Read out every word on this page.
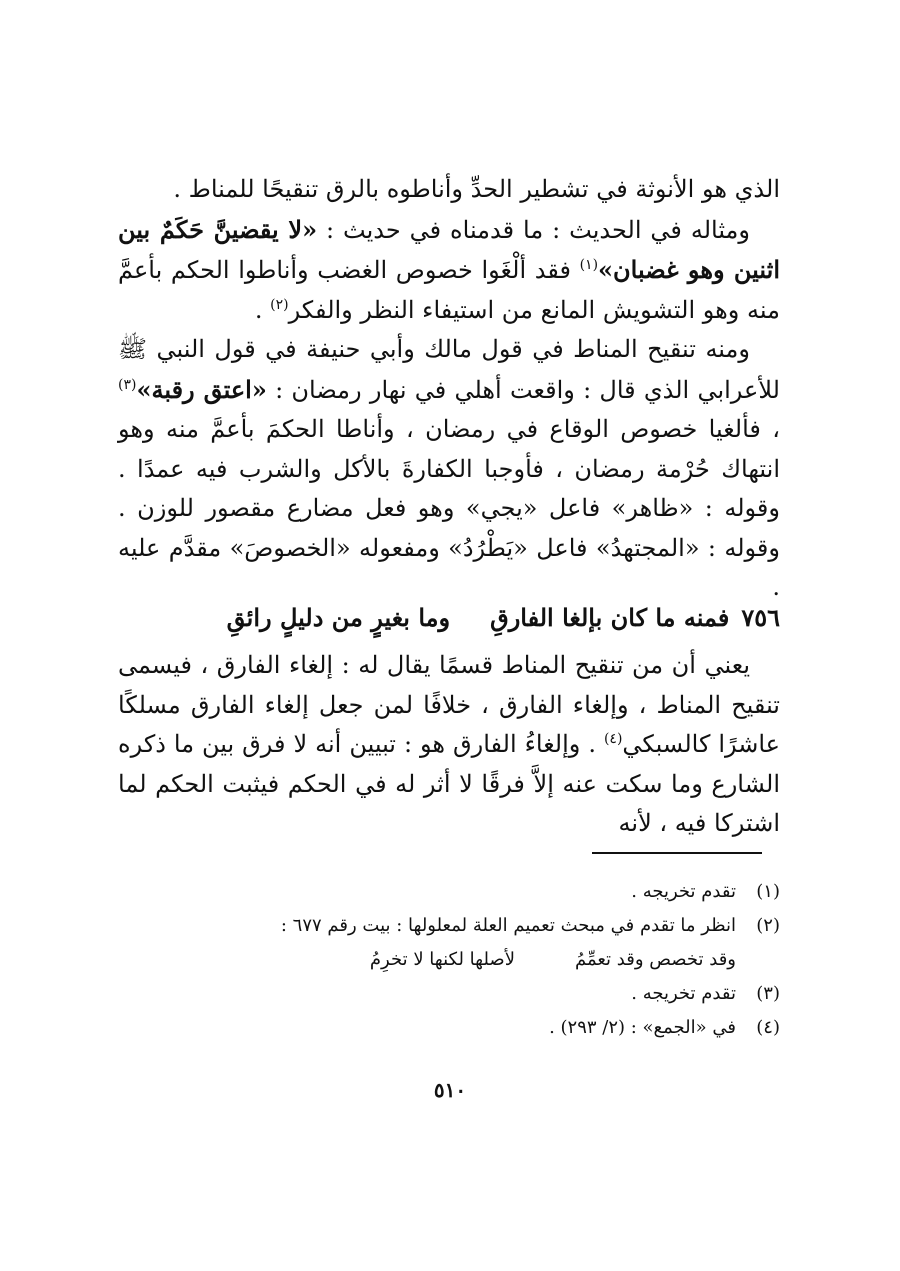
الذي هو الأنوثة في تشطير الحدِّ وأناطوه بالرق تنقيحًا للمناط .

ومثاله في الحديث : ما قدمناه في حديث : «لا يقضينَّ حَكَمٌ بين اثنين وهو غضبان»$^{(١)}$ فقد ألْغَوا خصوص الغضب وأناطوا الحكم بأعمَّ منه وهو التشويش المانع من استيفاء النظر والفكر$^{(٢)}$ .

ومنه تنقيح المناط في قول مالك وأبي حنيفة في قول النبي ﷺ للأعرابي الذي قال : واقعت أهلي في نهار رمضان : «اعتق رقبة»$^{(٣)}$ ، فألغيا خصوص الوقاع في رمضان ، وأناطا الحكمَ بأعمَّ منه وهو انتهاك حُرْمة رمضان ، فأوجبا الكفارةَ بالأكل والشرب فيه عمدًا . وقوله : «ظاهر» فاعل «يجي» وهو فعل مضارع مقصور للوزن . وقوله : «المجتهدُ» فاعل «يَطْرُدُ» ومفعوله «الخصوصَ» مقدَّم عليه .

٧٥٦
فمنه ما كان بإلغا الفارقِ
وما بغيرٍ من دليلٍ رائقِ

يعني أن من تنقيح المناط قسمًا يقال له : إلغاء الفارق ، فيسمى تنقيح المناط ، وإلغاء الفارق ، خلافًا لمن جعل إلغاء الفارق مسلكًا عاشرًا كالسبكي$^{(٤)}$ . وإلغاءُ الفارق هو : تبيين أنه لا فرق بين ما ذكره الشارع وما سكت عنه إلاَّ فرقًا لا أثر له في الحكم فيثبت الحكم لما اشتركا فيه ، لأنه

(١)
تقدم تخريجه .
(٢)
انظر ما تقدم في مبحث تعميم العلة لمعلولها : بيت رقم ٦٧٧ :
وقد تخصص وقد تعمِّمُ
لأصلها لكنها لا تخرِمُ
(٣)
تقدم تخريجه .
(٤)
في «الجمع» : (٢/ ٢٩٣) .
٥١٠
